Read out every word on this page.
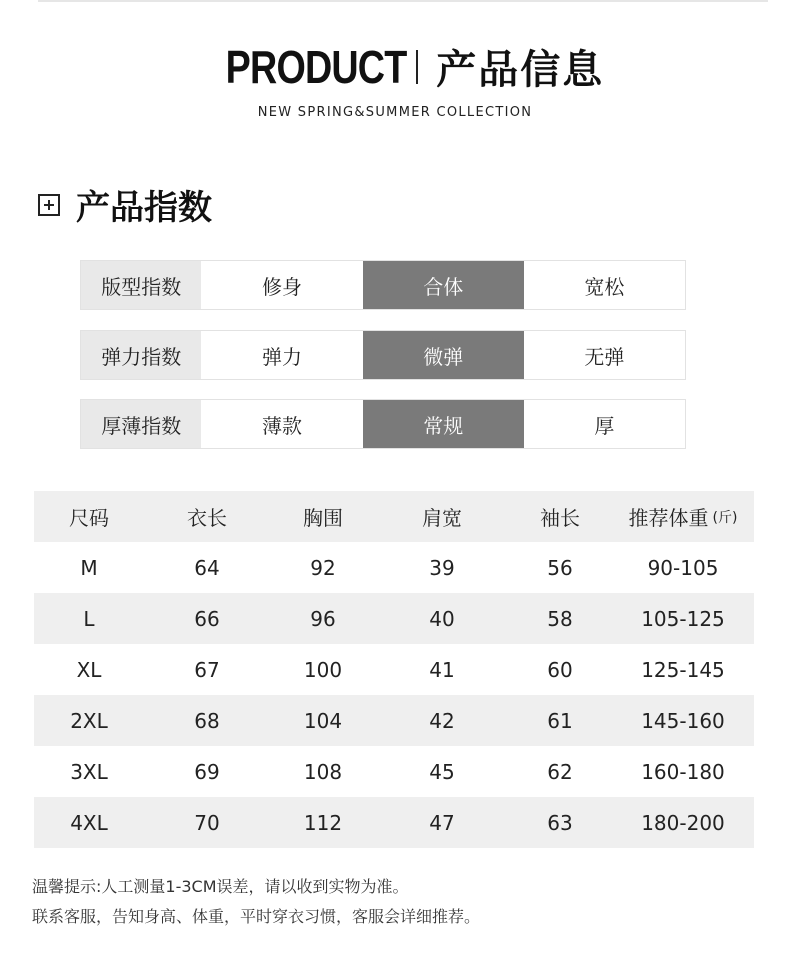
PRODUCT 产品信息
NEW SPRING&SUMMER COLLECTION
产品指数
版型指数	修身	合体	宽松
弹力指数	弹力	微弹	无弹
厚薄指数	薄款	常规	厚
尺码	衣长	胸围	肩宽	袖长	推荐体重 (斤)
M	64	92	39	56	90-105
L	66	96	40	58	105-125
XL	67	100	41	60	125-145
2XL	68	104	42	61	145-160
3XL	69	108	45	62	160-180
4XL	70	112	47	63	180-200
温馨提示:人工测量1-3CM误差，请以收到实物为准。
联系客服，告知身高、体重，平时穿衣习惯，客服会详细推荐。
